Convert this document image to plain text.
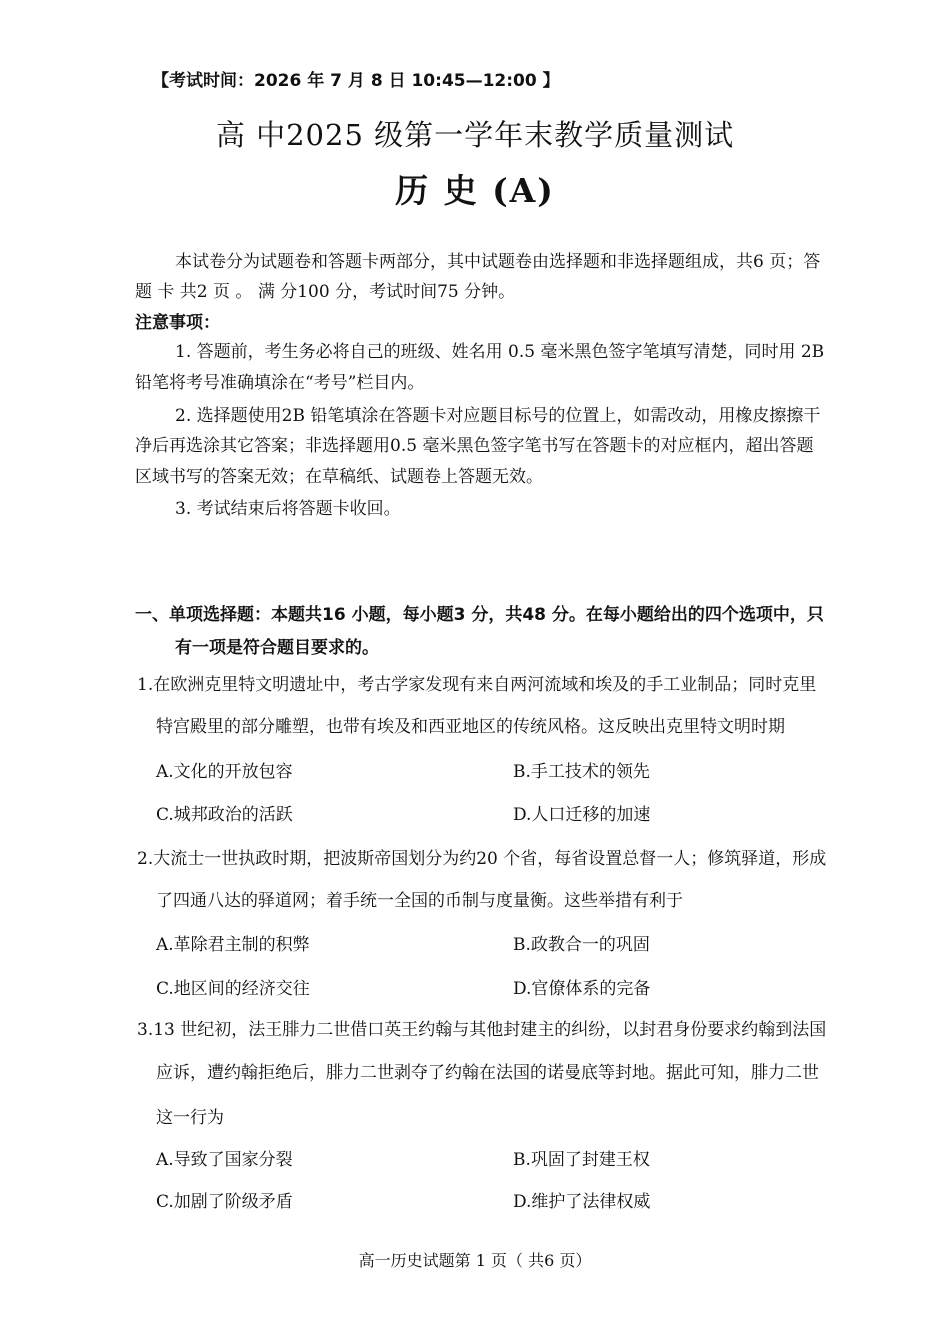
【考试时间：2026 年 7 月 8 日 10:45—12:00 】
高 中2025 级第一学年末教学质量测试
历 史 (A)
本试卷分为试题卷和答题卡两部分，其中试题卷由选择题和非选择题组成，共6 页；答
题 卡 共2 页 。 满 分100 分，考试时间75 分钟。
注意事项：
1. 答题前，考生务必将自己的班级、姓名用 0.5 毫米黑色签字笔填写清楚，同时用 2B
铅笔将考号准确填涂在“考号”栏目内。
2. 选择题使用2B 铅笔填涂在答题卡对应题目标号的位置上，如需改动，用橡皮擦擦干
净后再选涂其它答案；非选择题用0.5 毫米黑色签字笔书写在答题卡的对应框内，超出答题
区域书写的答案无效；在草稿纸、试题卷上答题无效。
3. 考试结束后将答题卡收回。
一、单项选择题：本题共16 小题，每小题3 分，共48 分。在每小题给出的四个选项中，只
有一项是符合题目要求的。
1.在欧洲克里特文明遗址中，考古学家发现有来自两河流域和埃及的手工业制品；同时克里
特宫殿里的部分雕塑，也带有埃及和西亚地区的传统风格。这反映出克里特文明时期
A.文化的开放包容	B.手工技术的领先
C.城邦政治的活跃	D.人口迁移的加速
2.大流士一世执政时期，把波斯帝国划分为约20 个省，每省设置总督一人；修筑驿道，形成
了四通八达的驿道网；着手统一全国的币制与度量衡。这些举措有利于
A.革除君主制的积弊	B.政教合一的巩固
C.地区间的经济交往	D.官僚体系的完备
3.13 世纪初，法王腓力二世借口英王约翰与其他封建主的纠纷，以封君身份要求约翰到法国
应诉，遭约翰拒绝后，腓力二世剥夺了约翰在法国的诺曼底等封地。据此可知，腓力二世
这一行为
A.导致了国家分裂	B.巩固了封建王权
C.加剧了阶级矛盾	D.维护了法律权威
高一历史试题第 1 页（ 共6 页）
